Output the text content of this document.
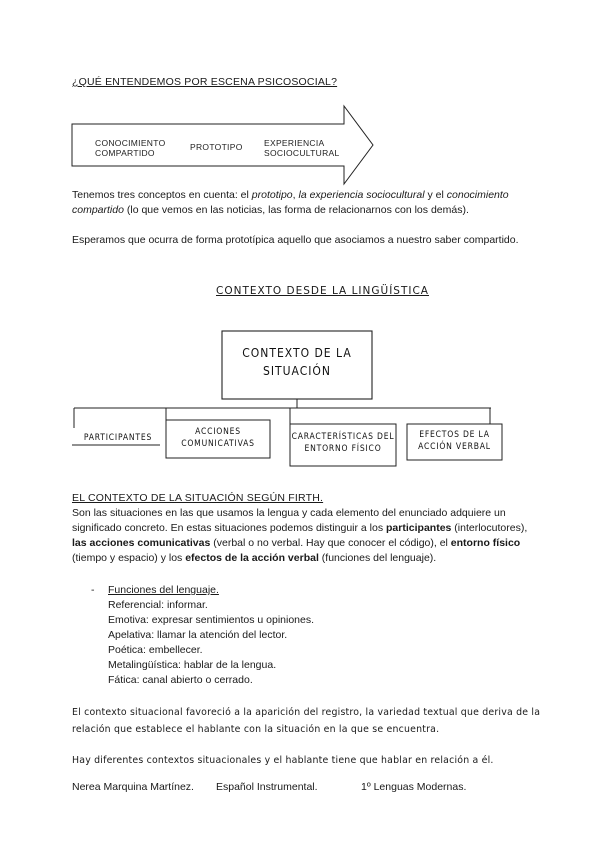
¿QUÉ ENTENDEMOS POR ESCENA PSICOSOCIAL?
CONOCIMIENTO
COMPARTIDO
PROTOTIPO	EXPERIENCIA
SOCIOCULTURAL
Tenemos tres conceptos en cuenta: el prototipo, la experiencia sociocultural y el conocimiento compartido (lo que vemos en las noticias, las forma de relacionarnos con los demás).
Esperamos que ocurra de forma prototípica aquello que asociamos a nuestro saber compartido.
CONTEXTO DESDE LA LINGÜÍSTICA
CONTEXTO DE LA
SITUACIÓN
PARTICIPANTES
ACCIONES
COMUNICATIVAS
CARACTERÍSTICAS DEL
ENTORNO FÍSICO
EFECTOS DE LA
ACCIÓN VERBAL
EL CONTEXTO DE LA SITUACIÓN SEGÚN FIRTH.
Son las situaciones en las que usamos la lengua y cada elemento del enunciado adquiere un significado concreto. En estas situaciones podemos distinguir a los participantes (interlocutores), las acciones comunicativas (verbal o no verbal. Hay que conocer el código), el entorno físico (tiempo y espacio) y los efectos de la acción verbal (funciones del lenguaje).
- Funciones del lenguaje.
Referencial: informar.
Emotiva: expresar sentimientos u opiniones.
Apelativa: llamar la atención del lector.
Poética: embellecer.
Metalingüística: hablar de la lengua.
Fática: canal abierto o cerrado.
El contexto situacional favoreció a la aparición del registro, la variedad textual que deriva de la
relación que establece el hablante con la situación en la que se encuentra.
Hay diferentes contextos situacionales y el hablante tiene que hablar en relación a él.
Nerea Marquina Martínez. Español Instrumental.	1º Lenguas Modernas.
